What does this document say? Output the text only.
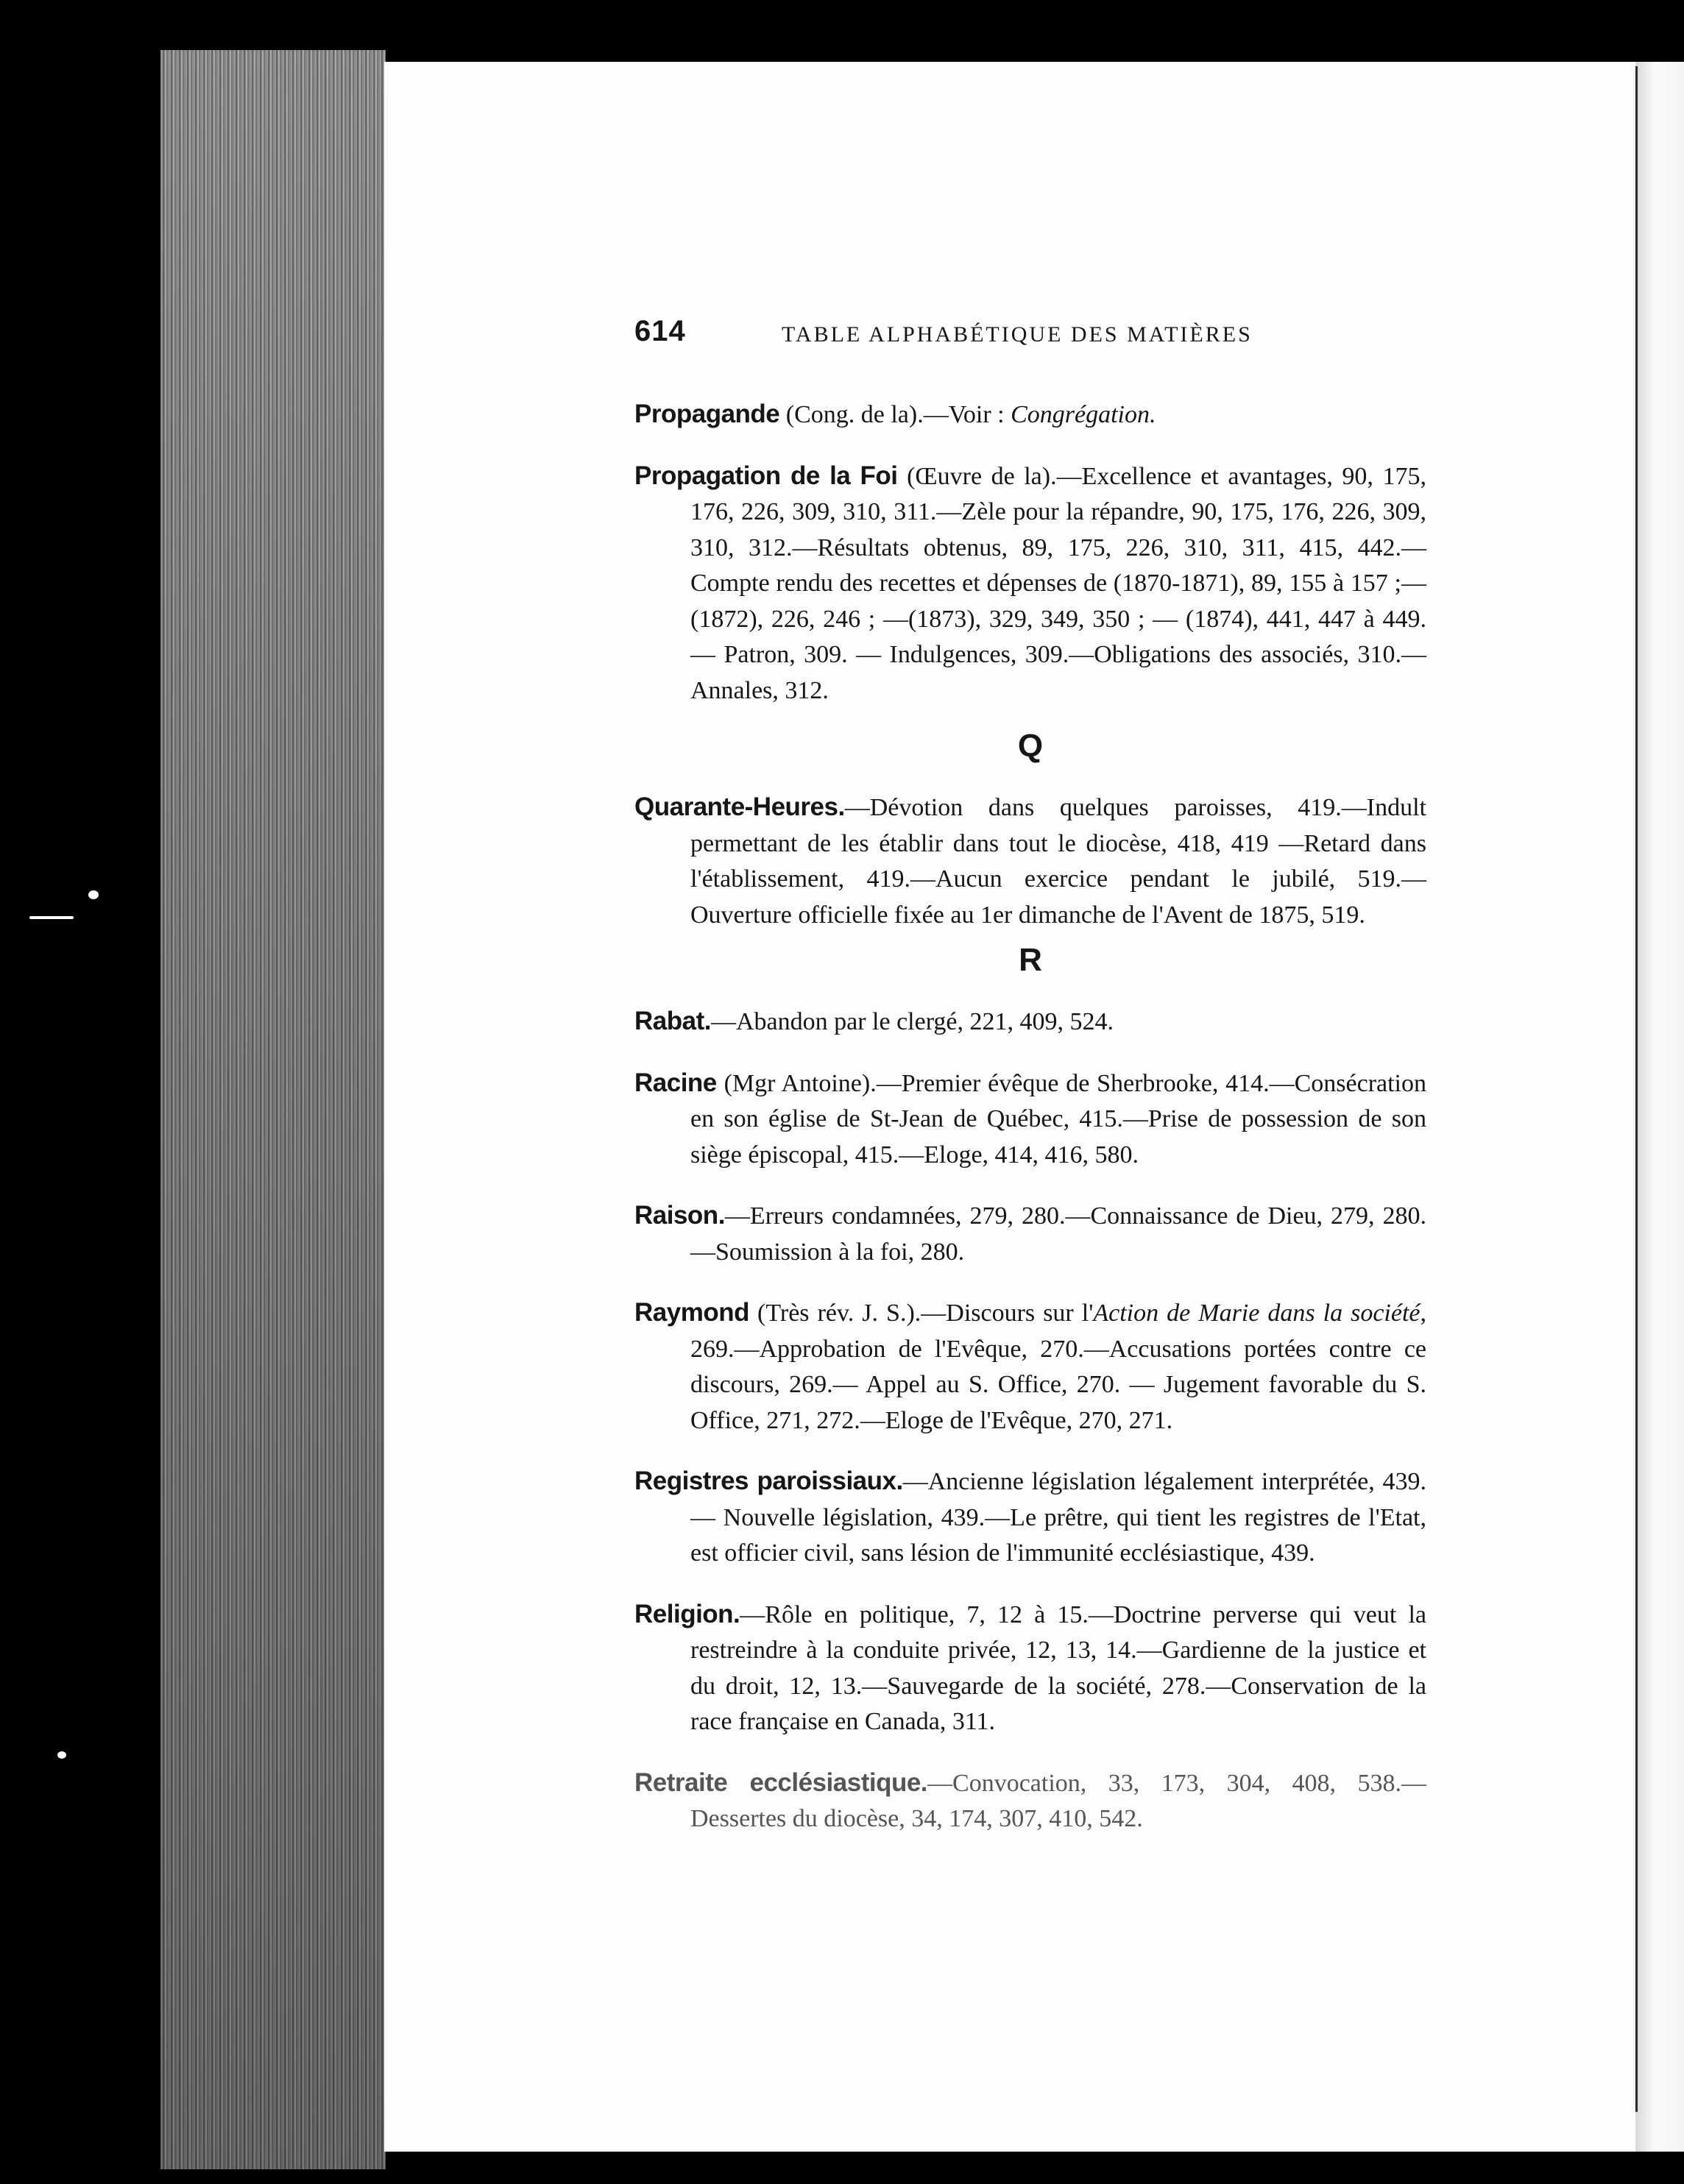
614	TABLE ALPHABÉTIQUE DES MATIÈRES

Propagande (Cong. de la).—Voir : Congrégation.

Propagation de la Foi (Œuvre de la).—Excellence et avantages, 90, 175, 176, 226, 309, 310, 311.—Zèle pour la répandre, 90, 175, 176, 226, 309, 310, 312.—Résultats obtenus, 89, 175, 226, 310, 311, 415, 442.—Compte rendu des recettes et dépenses de (1870-1871), 89, 155 à 157 ;—(1872), 226, 246 ; —(1873), 329, 349, 350 ; — (1874), 441, 447 à 449.— Patron, 309. — Indulgences, 309.—Obligations des associés, 310.—Annales, 312.

Q

Quarante-Heures.—Dévotion dans quelques paroisses, 419.—Indult permettant de les établir dans tout le diocèse, 418, 419 —Retard dans l'établissement, 419.—Aucun exercice pendant le jubilé, 519.—Ouverture officielle fixée au 1er dimanche de l'Avent de 1875, 519.

R

Rabat.—Abandon par le clergé, 221, 409, 524.

Racine (Mgr Antoine).—Premier évêque de Sherbrooke, 414.—Consécration en son église de St-Jean de Québec, 415.—Prise de possession de son siège épiscopal, 415.—Eloge, 414, 416, 580.

Raison.—Erreurs condamnées, 279, 280.—Connaissance de Dieu, 279, 280.—Soumission à la foi, 280.

Raymond (Très rév. J. S.).—Discours sur l'Action de Marie dans la société, 269.—Approbation de l'Evêque, 270.—Accusations portées contre ce discours, 269.— Appel au S. Office, 270. — Jugement favorable du S. Office, 271, 272.—Eloge de l'Evêque, 270, 271.

Registres paroissiaux.—Ancienne législation légalement interprétée, 439.— Nouvelle législation, 439.—Le prêtre, qui tient les registres de l'Etat, est officier civil, sans lésion de l'immunité ecclésiastique, 439.

Religion.—Rôle en politique, 7, 12 à 15.—Doctrine perverse qui veut la restreindre à la conduite privée, 12, 13, 14.—Gardienne de la justice et du droit, 12, 13.—Sauvegarde de la société, 278.—Conservation de la race française en Canada, 311.

Retraite ecclésiastique.—Convocation, 33, 173, 304, 408, 538.—Dessertes du diocèse, 34, 174, 307, 410, 542.
